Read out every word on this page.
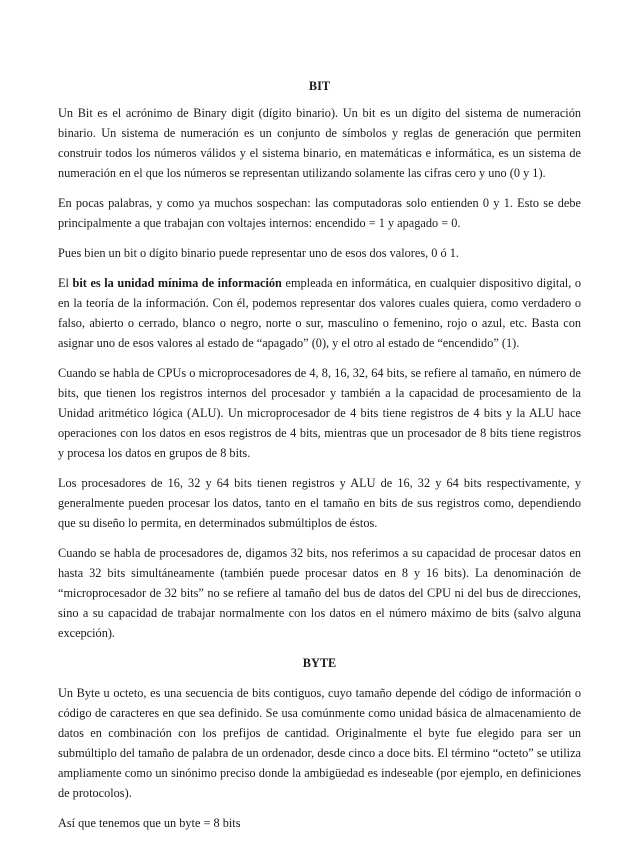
BIT

Un Bit es el acrónimo de Binary digit (dígito binario). Un bit es un dígito del sistema de numeración binario. Un sistema de numeración es un conjunto de símbolos y reglas de generación que permiten construir todos los números válidos y el sistema binario, en matemáticas e informática, es un sistema de numeración en el que los números se representan utilizando solamente las cifras cero y uno (0 y 1).

En pocas palabras, y como ya muchos sospechan: las computadoras solo entienden 0 y 1. Esto se debe principalmente a que trabajan con voltajes internos: encendido = 1 y apagado = 0.

Pues bien un bit o dígito binario puede representar uno de esos dos valores, 0 ó 1.

El bit es la unidad mínima de información empleada en informática, en cualquier dispositivo digital, o en la teoría de la información. Con él, podemos representar dos valores cuales quiera, como verdadero o falso, abierto o cerrado, blanco o negro, norte o sur, masculino o femenino, rojo o azul, etc. Basta con asignar uno de esos valores al estado de “apagado” (0), y el otro al estado de “encendido” (1).

Cuando se habla de CPUs o microprocesadores de 4, 8, 16, 32, 64 bits, se refiere al tamaño, en número de bits, que tienen los registros internos del procesador y también a la capacidad de procesamiento de la Unidad aritmético lógica (ALU). Un microprocesador de 4 bits tiene registros de 4 bits y la ALU hace operaciones con los datos en esos registros de 4 bits, mientras que un procesador de 8 bits tiene registros y procesa los datos en grupos de 8 bits.

Los procesadores de 16, 32 y 64 bits tienen registros y ALU de 16, 32 y 64 bits respectivamente, y generalmente pueden procesar los datos, tanto en el tamaño en bits de sus registros como, dependiendo que su diseño lo permita, en determinados submúltiplos de éstos.

Cuando se habla de procesadores de, digamos 32 bits, nos referimos a su capacidad de procesar datos en hasta 32 bits simultáneamente (también puede procesar datos en 8 y 16 bits). La denominación de “microprocesador de 32 bits” no se refiere al tamaño del bus de datos del CPU ni del bus de direcciones, sino a su capacidad de trabajar normalmente con los datos en el número máximo de bits (salvo alguna excepción).

BYTE

Un Byte u octeto, es una secuencia de bits contiguos, cuyo tamaño depende del código de información o código de caracteres en que sea definido. Se usa comúnmente como unidad básica de almacenamiento de datos en combinación con los prefijos de cantidad. Originalmente el byte fue elegido para ser un submúltiplo del tamaño de palabra de un ordenador, desde cinco a doce bits. El término “octeto” se utiliza ampliamente como un sinónimo preciso donde la ambigüedad es indeseable (por ejemplo, en definiciones de protocolos).

Así que tenemos que un byte = 8 bits
